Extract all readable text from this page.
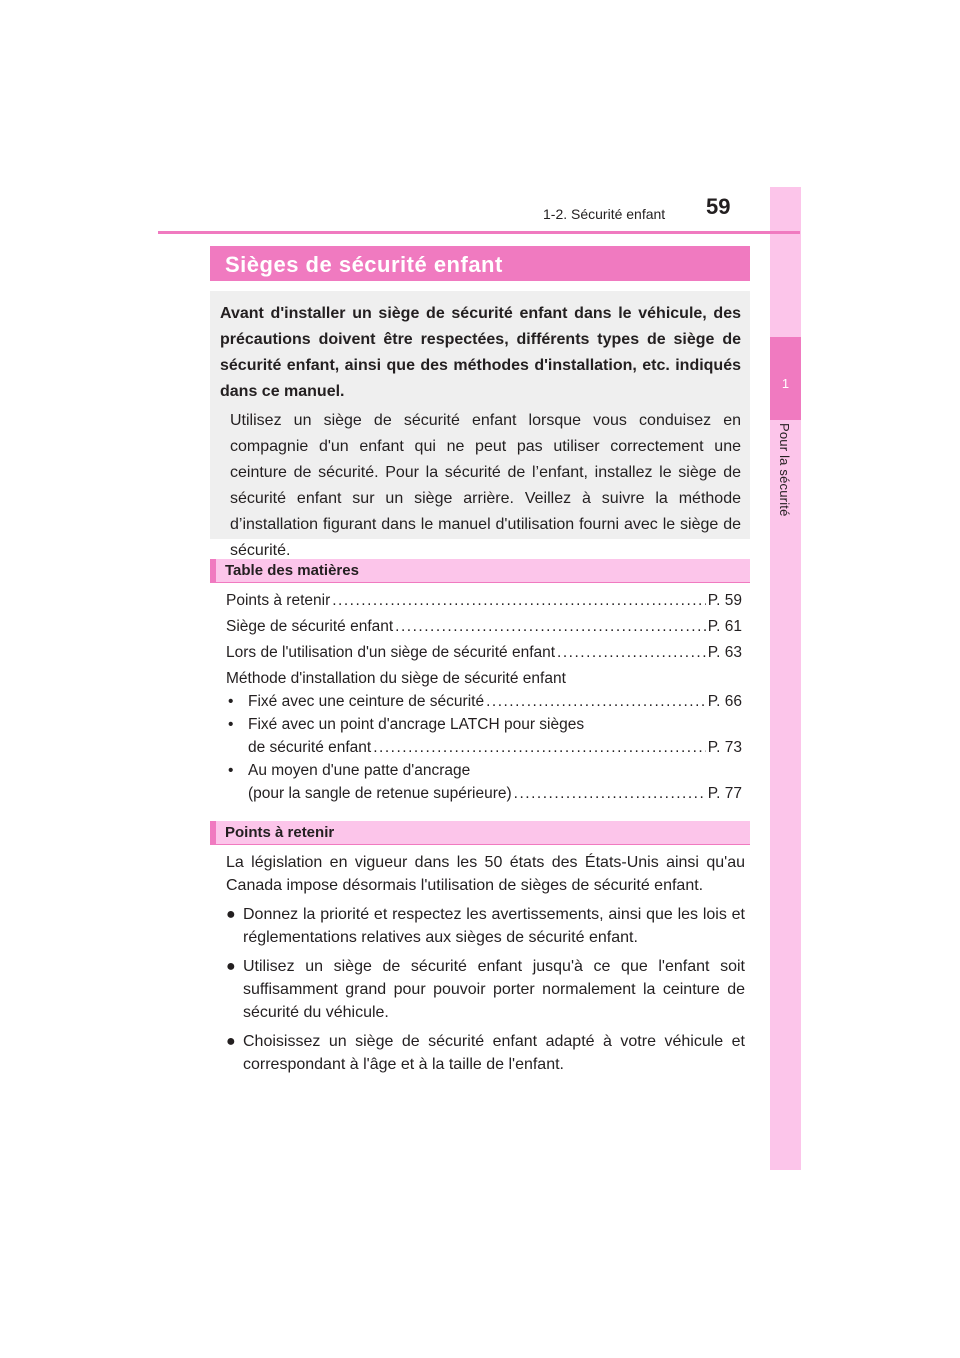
1
Pour la sécurité
1-2. Sécurité enfant 59
Sièges de sécurité enfant

Avant d'installer un siège de sécurité enfant dans le véhicule, des précautions doivent être respectées, différents types de siège de sécurité enfant, ainsi que des méthodes d'installation, etc. indiqués dans ce manuel.

Utilisez un siège de sécurité enfant lorsque vous conduisez en compagnie d'un enfant qui ne peut pas utiliser correctement une ceinture de sécurité. Pour la sécurité de l’enfant, installez le siège de sécurité enfant sur un siège arrière. Veillez à suivre la méthode d’installation figurant dans le manuel d'utilisation fourni avec le siège de sécurité.

Table des matières
Points à retenir .....	P. 59
Siège de sécurité enfant .....	P. 61
Lors de l'utilisation d'un siège de sécurité enfant .....	P. 63
Méthode d'installation du siège de sécurité enfant
• Fixé avec une ceinture de sécurité .....	P. 66
• Fixé avec un point d'ancrage LATCH pour sièges
de sécurité enfant .....	P. 73
• Au moyen d'une patte d'ancrage
(pour la sangle de retenue supérieure) .....	P. 77
Points à retenir

La législation en vigueur dans les 50 états des États-Unis ainsi qu'au Canada impose désormais l'utilisation de sièges de sécurité enfant.

● Donnez la priorité et respectez les avertissements, ainsi que les lois et réglementations relatives aux sièges de sécurité enfant.
● Utilisez un siège de sécurité enfant jusqu'à ce que l'enfant soit suffisamment grand pour pouvoir porter normalement la ceinture de sécurité du véhicule.
● Choisissez un siège de sécurité enfant adapté à votre véhicule et correspondant à l'âge et à la taille de l'enfant.
